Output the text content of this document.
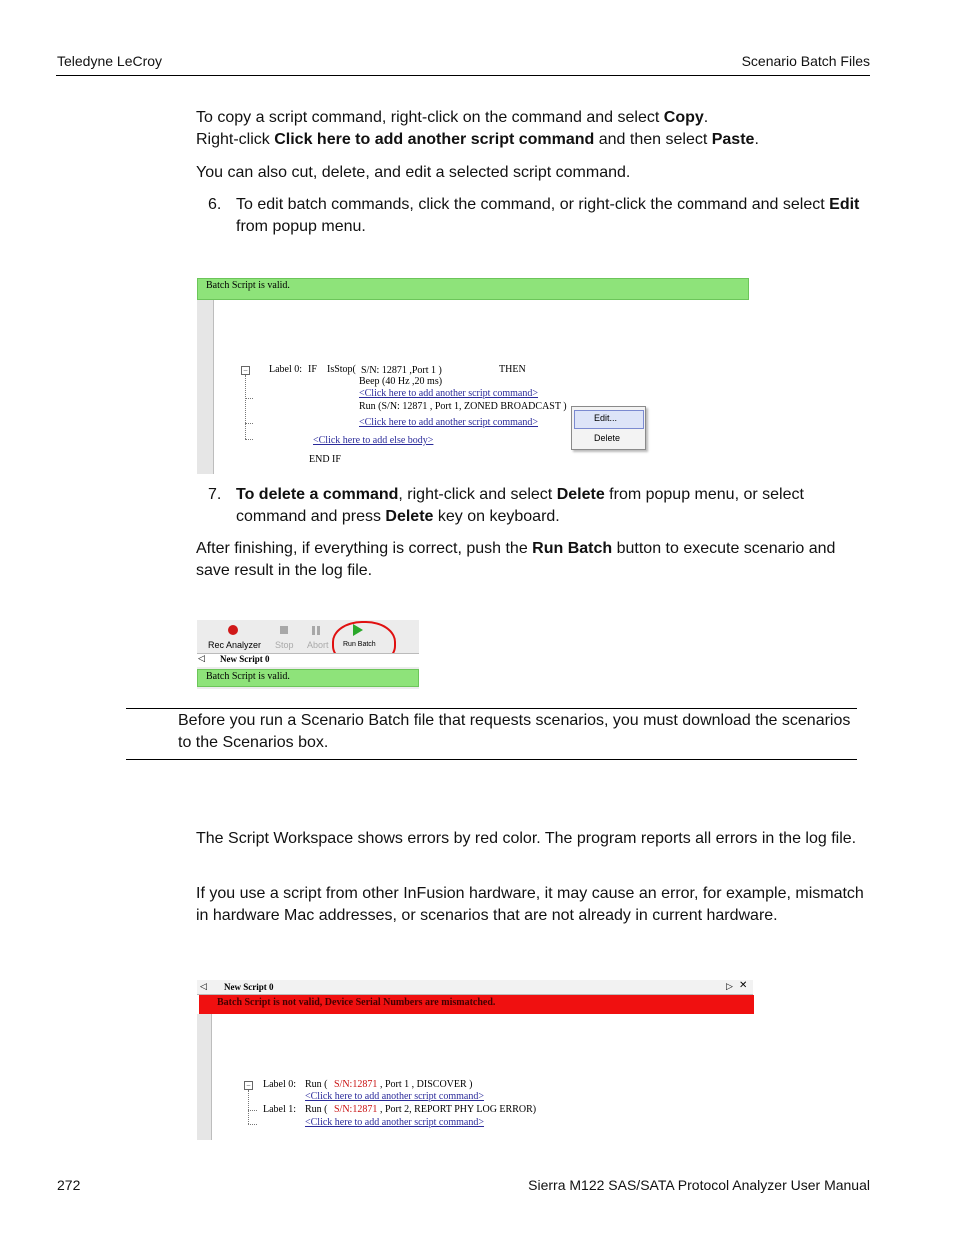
Teledyne LeCroy	Scenario Batch Files
To copy a script command, right-click on the command and select Copy.
Right-click Click here to add another script command and then select Paste.
You can also cut, delete, and edit a selected script command.
6. To edit batch commands, click the command, or right-click the command and select Edit from popup menu.
Batch Script is valid.
− Label 0: IF IsStop( S/N: 12871 ,Port 1 )	THEN
Beep (40 Hz ,20 ms)
<Click here to add another script command>
Run (S/N: 12871 , Port 1, ZONED BROADCAST )
<Click here to add another script command>
<Click here to add else body>
END IF
Edit...
Delete
7. To delete a command, right-click and select Delete from popup menu, or select command and press Delete key on keyboard.
After finishing, if everything is correct, push the Run Batch button to execute scenario and save result in the log file.
Rec Analyzer Stop Abort Run Batch
◁ New Script 0
Batch Script is valid.
Before you run a Scenario Batch file that requests scenarios, you must download the scenarios to the Scenarios box.
The Script Workspace shows errors by red color. The program reports all errors in the log file.
If you use a script from other InFusion hardware, it may cause an error, for example, mismatch in hardware Mac addresses, or scenarios that are not already in current hardware.
◁ New Script 0	▷ ✕
Batch Script is not valid, Device Serial Numbers are mismatched.
− Label 0: Run ( S/N:12871 , Port 1 , DISCOVER )
<Click here to add another script command>
Label 1: Run ( S/N:12871 , Port 2, REPORT PHY LOG ERROR)
<Click here to add another script command>
272	Sierra M122 SAS/SATA Protocol Analyzer User Manual
